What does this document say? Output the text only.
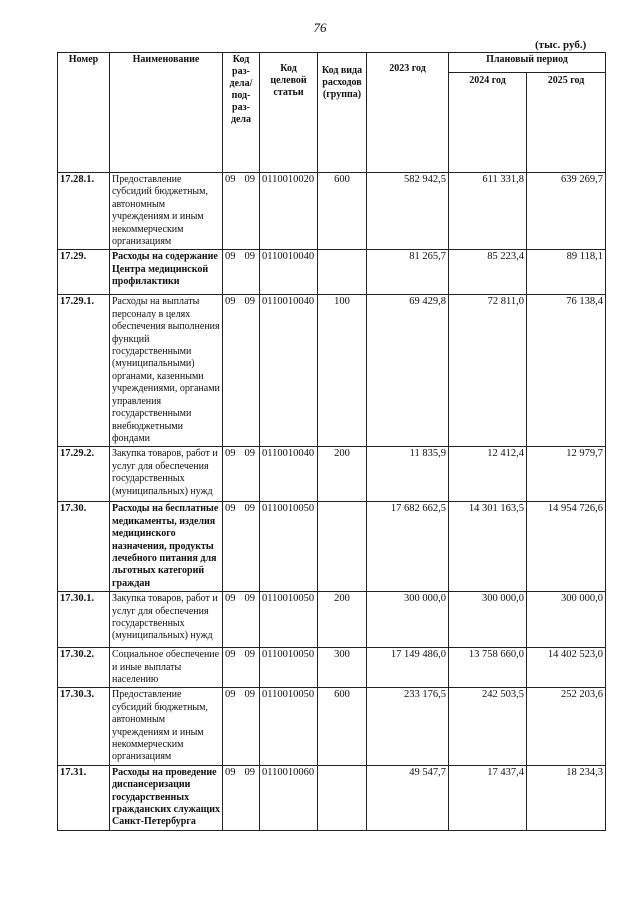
76
(тыс. руб.)
Номер	Наименование	Код раз-дела/ под-раз-дела	Код целевой статьи	Код вида расходов (группа)	2023 год	Плановый период	
						2024 год	2025 год
17.28.1.	Предоставление субсидий бюджетным, автономным учреждениям и иным некоммерческим организациям	09 09	0110010020	600	582 942,5	611 331,8	639 269,7
17.29.	Расходы на содержание Центра медицинской профилактики	09 09	0110010040		81 265,7	85 223,4	89 118,1
17.29.1.	Расходы на выплаты персоналу в целях обеспечения выполнения функций государственными (муниципальными) органами, казенными учреждениями, органами управления государственными внебюджетными фондами	09 09	0110010040	100	69 429,8	72 811,0	76 138,4
17.29.2.	Закупка товаров, работ и услуг для обеспечения государственных (муниципальных) нужд	09 09	0110010040	200	11 835,9	12 412,4	12 979,7
17.30.	Расходы на бесплатные медикаменты, изделия медицинского назначения, продукты лечебного питания для льготных категорий граждан	09 09	0110010050		17 682 662,5	14 301 163,5	14 954 726,6
17.30.1.	Закупка товаров, работ и услуг для обеспечения государственных (муниципальных) нужд	09 09	0110010050	200	300 000,0	300 000,0	300 000,0
17.30.2.	Социальное обеспечение и иные выплаты населению	09 09	0110010050	300	17 149 486,0	13 758 660,0	14 402 523,0
17.30.3.	Предоставление субсидий бюджетным, автономным учреждениям и иным некоммерческим организациям	09 09	0110010050	600	233 176,5	242 503,5	252 203,6
17.31.	Расходы на проведение диспансеризации государственных гражданских служащих Санкт-Петербурга	09 09	0110010060		49 547,7	17 437,4	18 234,3
